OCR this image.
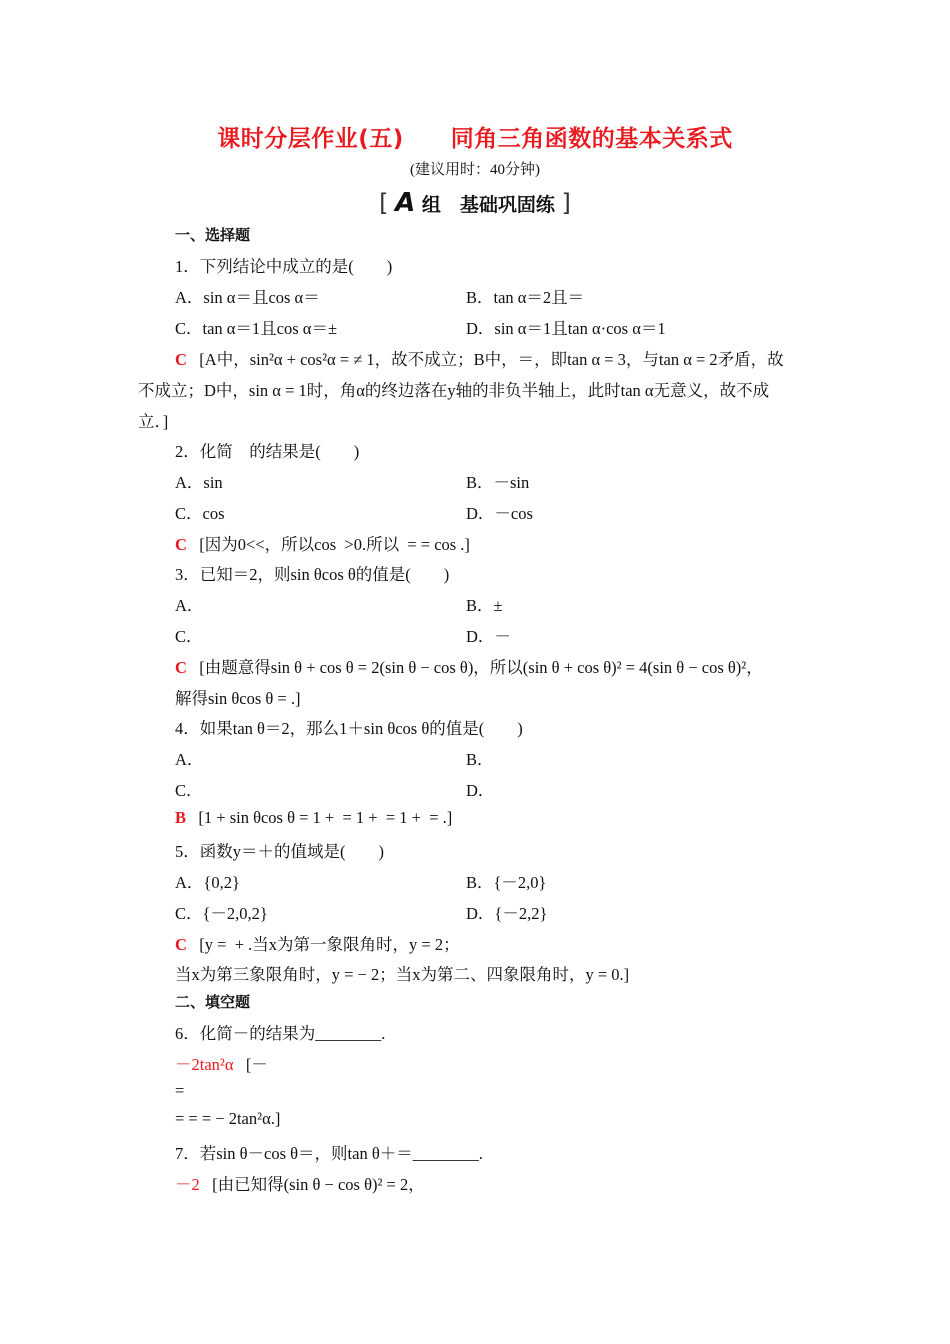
课时分层作业(五)　　同角三角函数的基本关系式
(建议用时：40分钟)
[ A 组　基础巩固练 ]
一、选择题
1．下列结论中成立的是(　　)
A．sin α＝且cos α＝	B．tan α＝2且＝
C．tan α＝1且cos α＝±	D．sin α＝1且tan α·cos α＝1
C   [A中，sin²α + cos²α = ≠ 1，故不成立；B中，＝，即tan α = 3，与tan α = 2矛盾，故
不成立；D中，sin α = 1时，角α的终边落在y轴的非负半轴上，此时tan α无意义，故不成
立．]
2．化简　的结果是(　　)
A．sin	B．－sin
C．cos	D．－cos
C   [因为0<<，所以cos  >0.所以  = = cos .]
3．已知＝2，则sin θcos θ的值是(　　)
A．	B．±
C．	D．－
C   [由题意得sin θ + cos θ = 2(sin θ − cos θ)，所以(sin θ + cos θ)² = 4(sin θ − cos θ)²，
解得sin θcos θ = .]
4．如果tan θ＝2，那么1＋sin θcos θ的值是(　　)
A．	B．
C．	D．
B   [1 + sin θcos θ = 1 +  = 1 +  = 1 +  = .]
5．函数y＝＋的值域是(　　)
A．{0,2}	B．{－2,0}
C．{－2,0,2}	D．{－2,2}
C   [y =  + .当x为第一象限角时，y = 2；
当x为第三象限角时，y = − 2；当x为第二、四象限角时，y = 0.]
二、填空题
6．化简－的结果为________.
－2tan²α   [－
=
= = = − 2tan²α.]
7．若sin θ－cos θ＝，则tan θ＋＝________.
－2   [由已知得(sin θ − cos θ)² = 2，
